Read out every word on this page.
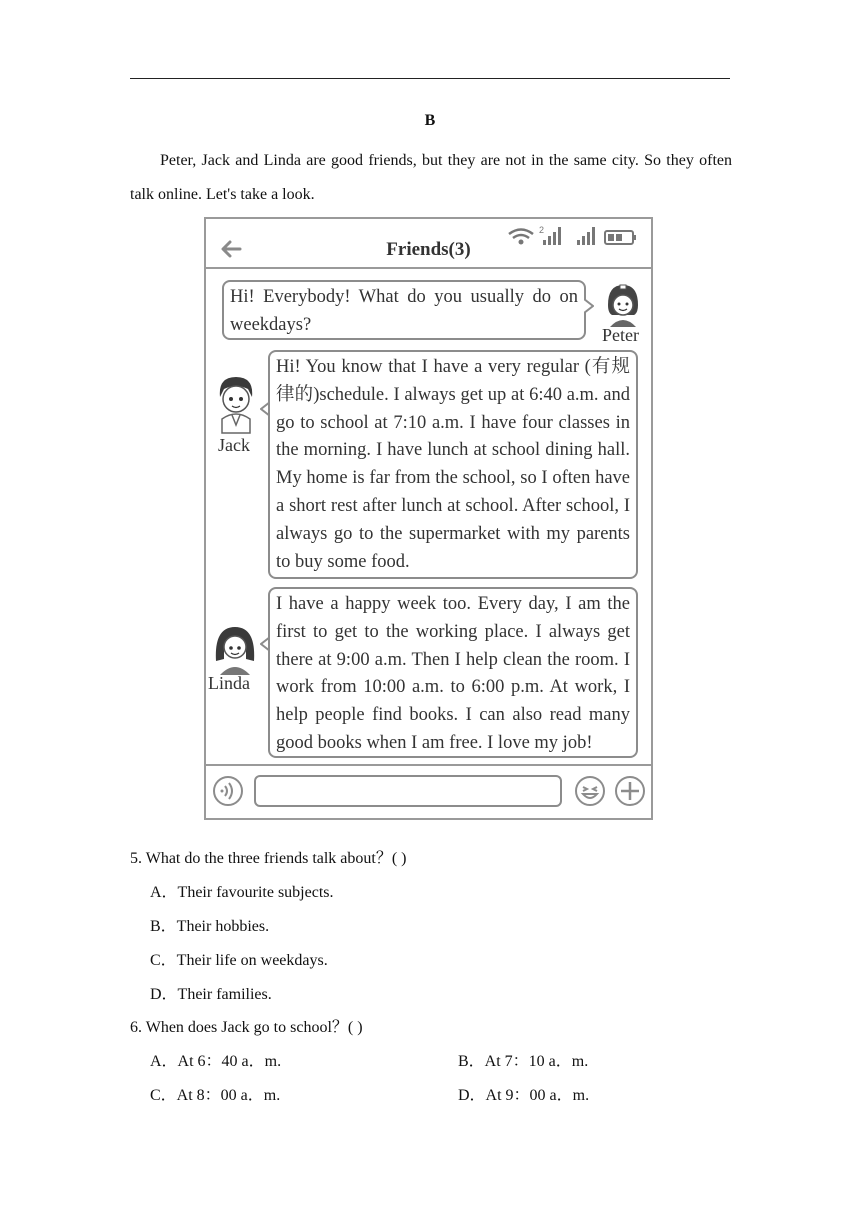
B
Peter, Jack and Linda are good friends, but they are not in the same city. So they often talk online. Let's take a look.
Friends(3)
2
Hi! Everybody! What do you usually do on weekdays?
Peter
Jack
Hi! You know that I have a very regular (有规律的)schedule. I always get up at 6:40 a.m. and go to school at 7:10 a.m. I have four classes in the morning. I have lunch at school dining hall. My home is far from the school, so I often have a short rest after lunch at school. After school, I always go to the supermarket with my parents to buy some food.
Linda
I have a happy week too. Every day, I am the first to get to the working place. I always get there at 9:00 a.m. Then I help clean the room. I work from 10:00 a.m. to 6:00 p.m. At work, I help people find books. I can also read many good books when I am free. I love my job!
5. What do the three friends talk about？( )
A．Their favourite subjects.
B．Their hobbies.
C．Their life on weekdays.
D．Their families.
6. When does Jack go to school？( )
A．At 6：40 a．m.	B．At 7：10 a．m.
C．At 8：00 a．m.	D．At 9：00 a．m.
